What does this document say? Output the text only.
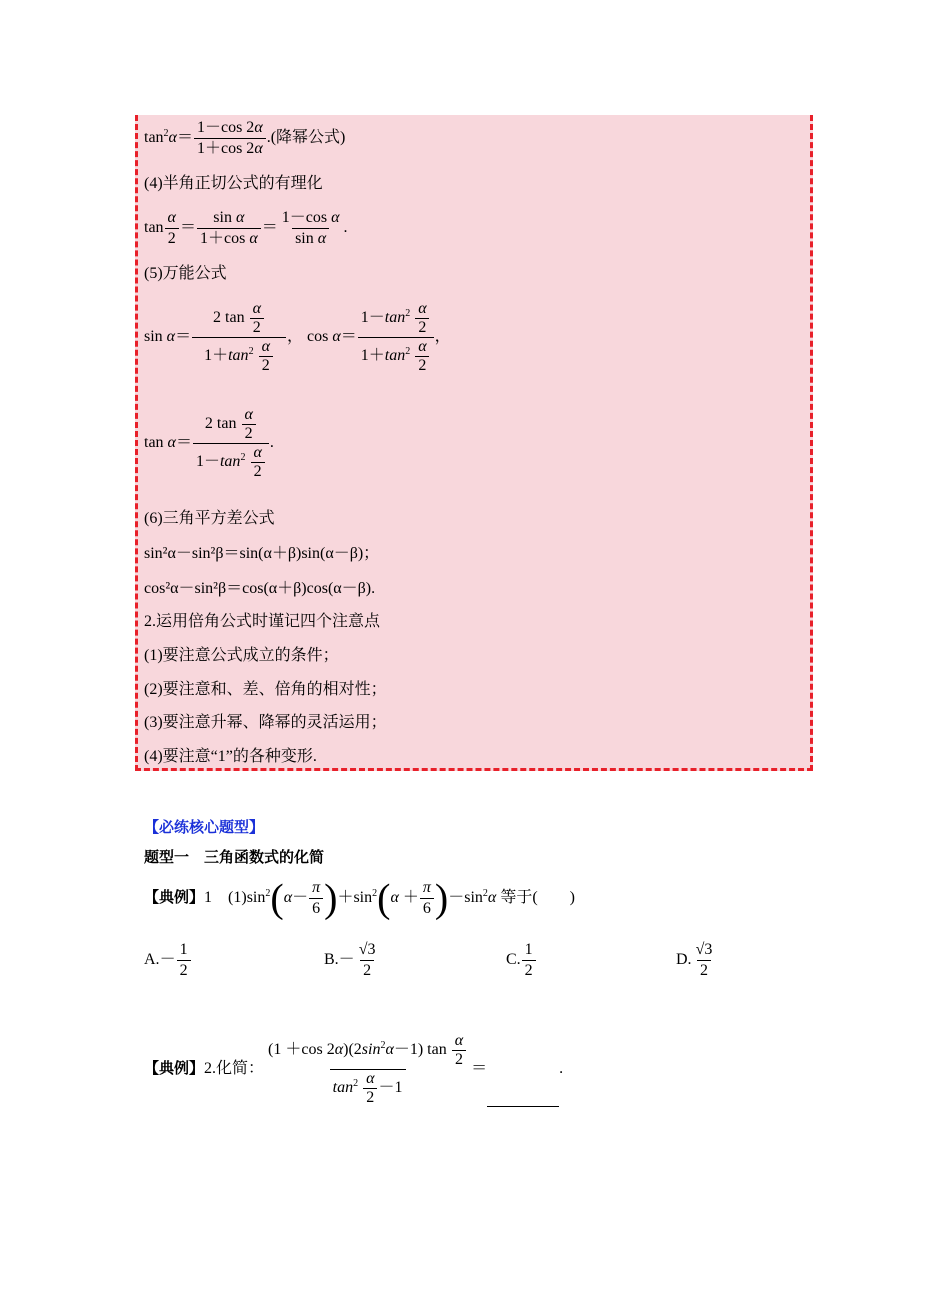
$\tan^2\alpha= \frac{1-\cos 2\alpha}{1+\cos 2\alpha}$ .(降幂公式)
(4)半角正切公式的有理化
$\tan \frac{\alpha}{2} = \frac{\text{sin α}}{\text{1＋cos α}} = \frac{\text{1－cos α}}{\text{sin α}}$ .
(5)万能公式
$\sin \alpha= \frac{2 \tan \frac{\alpha}{2}}{1+\tan^2 \frac{\alpha}{2}}$ ， $\cos \alpha= \frac{1-\tan^2 \frac{\alpha}{2}}{1+\tan^2 \frac{\alpha}{2}}$ ，
$\tan \alpha= \frac{2 \tan \frac{\alpha}{2}}{1-\tan^2 \frac{\alpha}{2}}$ .
(6)三角平方差公式
sin²α－sin²β＝sin(α＋β)sin(α－β)；
cos²α－sin²β＝cos(α＋β)cos(α－β).
2.运用倍角公式时谨记四个注意点
(1)要注意公式成立的条件；
(2)要注意和、差、倍角的相对性；
(3)要注意升幂、降幂的灵活运用；
(4)要注意“1”的各种变形.
【必练核心题型】
题型一　三角函数式的化简
【典例】1　 $(1)\sin^2(\alpha- \frac{\pi}{6} )+\sin^2(\alpha + \frac{\pi}{6} )-\sin^2\alpha$ 等于(　　)
$A.- \frac{1}{2}$	$B.- \frac{√3}{2}$	C. $\frac{1}{2}$	D. $\frac{√3}{2}$
【典例】2.化简： $\frac{(1 +\cos 2\alpha)(2\sin^2\alpha-1) \tan \frac{\alpha}{2}}{\tan^2 \frac{\alpha}{2} -1}$ ＝	.
